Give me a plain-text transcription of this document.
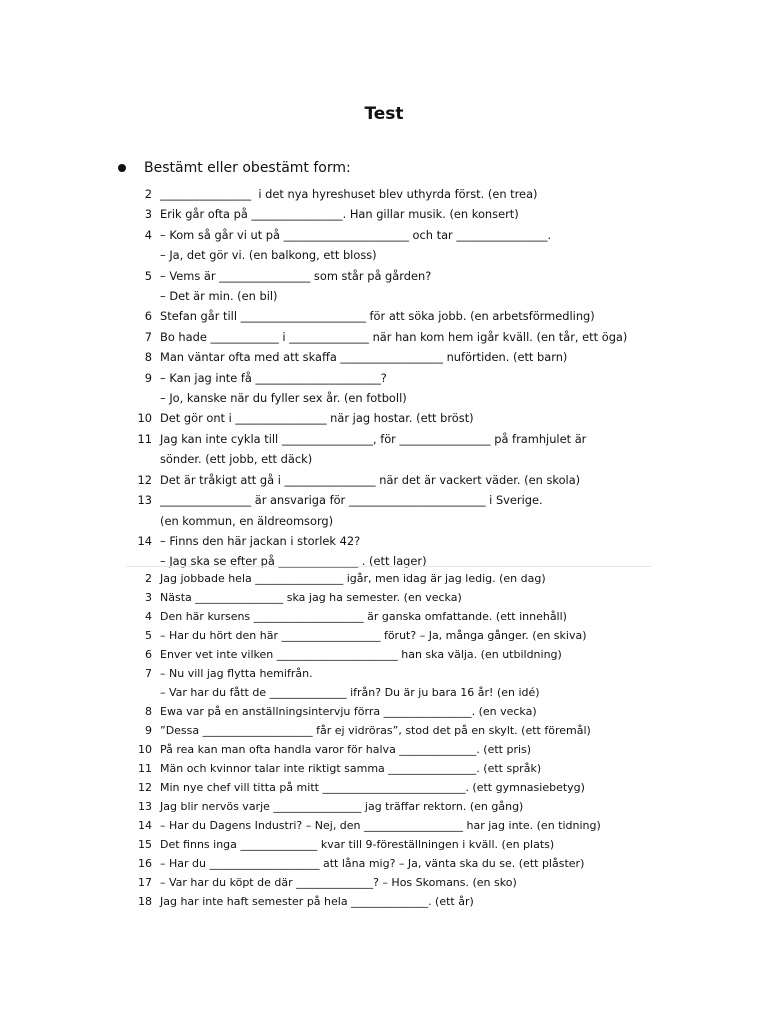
Test
Bestämt eller obestämt form:
2 ________________  i det nya hyreshuset blev uthyrda först. (en trea)
3 Erik går ofta på ________________. Han gillar musik. (en konsert)
4 – Kom så går vi ut på ______________________ och tar ________________.
– Ja, det gör vi. (en balkong, ett bloss)
5 – Vems är ________________ som står på gården?
– Det är min. (en bil)
6 Stefan går till ______________________ för att söka jobb. (en arbetsförmedling)
7 Bo hade ____________ i ______________ när han kom hem igår kväll. (en tår, ett öga)
8 Man väntar ofta med att skaffa __________________ nuförtiden. (ett barn)
9 – Kan jag inte få ______________________?
– Jo, kanske när du fyller sex år. (en fotboll)
10 Det gör ont i ________________ när jag hostar. (ett bröst)
11 Jag kan inte cykla till ________________, för ________________ på framhjulet är
sönder. (ett jobb, ett däck)
12 Det är tråkigt att gå i ________________ när det är vackert väder. (en skola)
13 ________________ är ansvariga för ________________________ i Sverige.
(en kommun, en äldreomsorg)
14 – Finns den här jackan i storlek 42?
– Jag ska se efter på ______________ . (ett lager)
2 Jag jobbade hela ________________ igår, men idag är jag ledig. (en dag)
3 Nästa ________________ ska jag ha semester. (en vecka)
4 Den här kursens ____________________ är ganska omfattande. (ett innehåll)
5 – Har du hört den här __________________ förut? – Ja, många gånger. (en skiva)
6 Enver vet inte vilken ______________________ han ska välja. (en utbildning)
7 – Nu vill jag flytta hemifrån.
– Var har du fått de ______________ ifrån? Du är ju bara 16 år! (en idé)
8 Ewa var på en anställningsintervju förra ________________. (en vecka)
9 ”Dessa ____________________ får ej vidröras”, stod det på en skylt. (ett föremål)
10 På rea kan man ofta handla varor för halva ______________. (ett pris)
11 Män och kvinnor talar inte riktigt samma ________________. (ett språk)
12 Min nye chef vill titta på mitt __________________________. (ett gymnasiebetyg)
13 Jag blir nervös varje ________________ jag träffar rektorn. (en gång)
14 – Har du Dagens Industri? – Nej, den __________________ har jag inte. (en tidning)
15 Det finns inga ______________ kvar till 9-föreställningen i kväll. (en plats)
16 – Har du ____________________ att låna mig? – Ja, vänta ska du se. (ett plåster)
17 – Var har du köpt de där ______________? – Hos Skomans. (en sko)
18 Jag har inte haft semester på hela ______________. (ett år)
